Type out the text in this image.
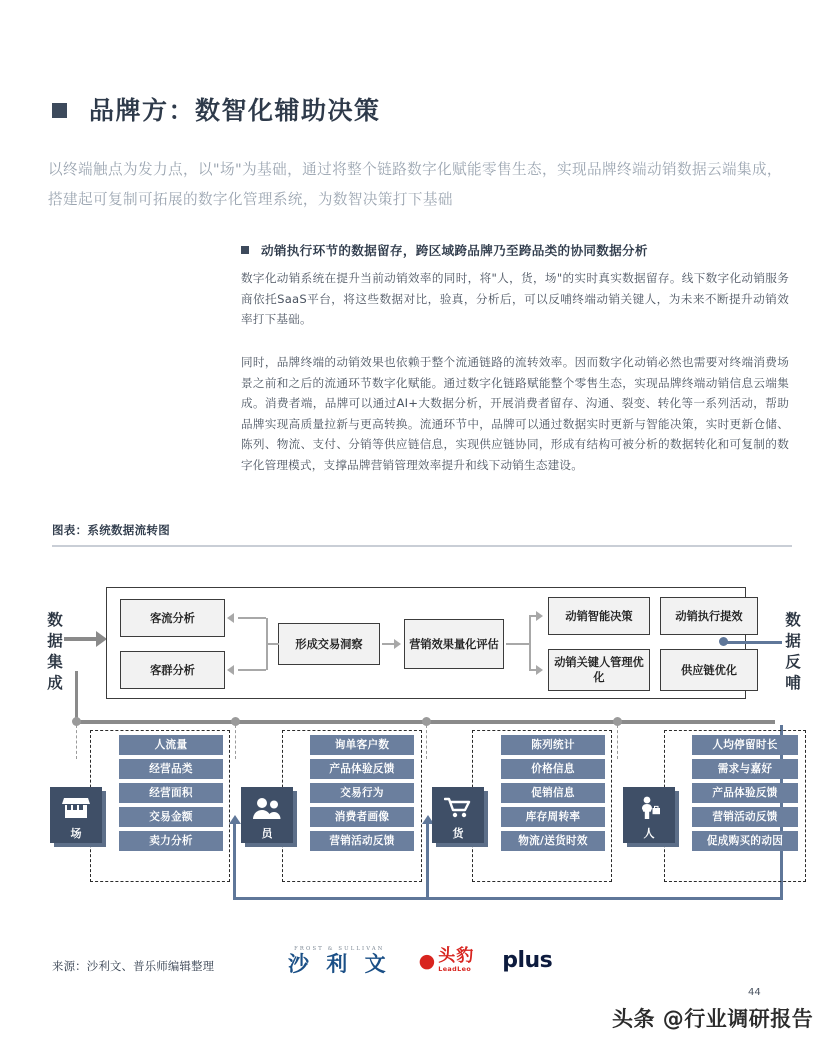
品牌方：数智化辅助决策
以终端触点为发力点，以"场"为基础，通过将整个链路数字化赋能零售生态，实现品牌终端动销数据云端集成，搭建起可复制可拓展的数字化管理系统，为数智决策打下基础
动销执行环节的数据留存，跨区域跨品牌乃至跨品类的协同数据分析
数字化动销系统在提升当前动销效率的同时，将"人，货，场"的实时真实数据留存。线下数字化动销服务商依托SaaS平台，将这些数据对比，验真，分析后，可以反哺终端动销关键人，为未来不断提升动销效率打下基础。
同时，品牌终端的动销效果也依赖于整个流通链路的流转效率。因而数字化动销必然也需要对终端消费场景之前和之后的流通环节数字化赋能。通过数字化链路赋能整个零售生态，实现品牌终端动销信息云端集成。消费者端，品牌可以通过AI+大数据分析，开展消费者留存、沟通、裂变、转化等一系列活动，帮助品牌实现高质量拉新与更高转换。流通环节中，品牌可以通过数据实时更新与智能决策，实时更新仓储、陈列、物流、支付、分销等供应链信息，实现供应链协同，形成有结构可被分析的数据转化和可复制的数字化管理模式，支撑品牌营销管理效率提升和线下动销生态建设。
图表：系统数据流转图
数据集成
数据反哺
客流分析
客群分析
形成交易洞察	营销效果量化评估
动销智能决策	动销执行提效
动销关键人管理优化
供应链优化
场
人流量
经营品类
经营面积
交易金额
卖力分析
员
询单客户数
产品体验反馈
交易行为
消费者画像
营销活动反馈
货
陈列统计
价格信息
促销信息
库存周转率
物流/送货时效
人
人均停留时长
需求与嘉好
产品体验反馈
营销活动反馈
促成购买的动因
来源：沙利文、普乐师编辑整理
FROST & SULLIVAN
沙 利 文 ● 头豹
LeadLeo plus
44
头条 @行业调研报告
